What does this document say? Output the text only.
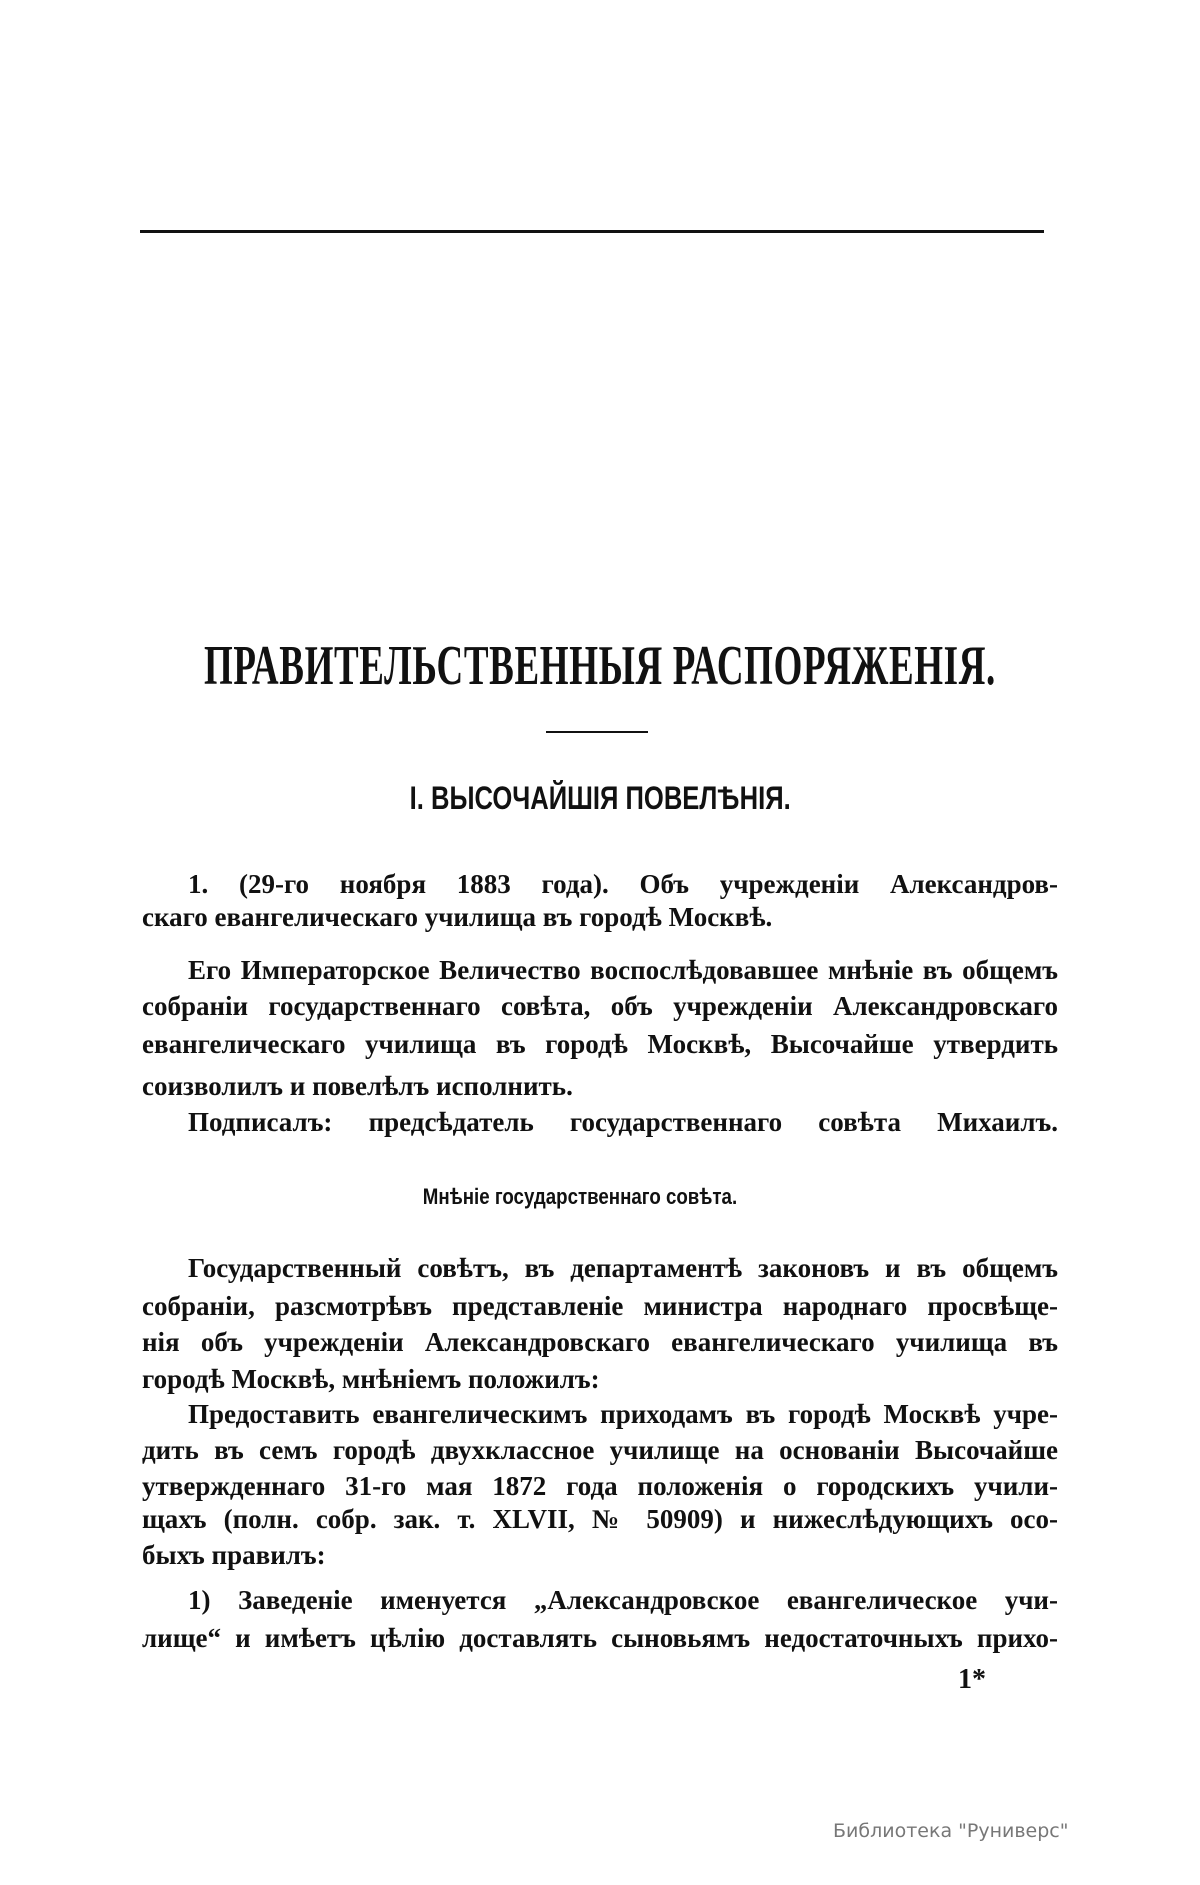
ПРАВИТЕЛЬСТВЕННЫЯ РАСПОРЯЖЕНІЯ.
I. ВЫСОЧАЙШІЯ ПОВЕЛѢНІЯ.
1. (29-го ноября 1883 года). Объ учрежденіи Александров-
скаго евангелическаго училища въ городѣ Москвѣ.
Его Императорское Величество воспослѣдовавшее мнѣніе въ общемъ
собраніи государственнаго совѣта, объ учрежденіи Александровскаго
евангелическаго училища въ городѣ Москвѣ, Высочайше утвердить
соизволилъ и повелѣлъ исполнить.
Подписалъ: предсѣдатель государственнаго совѣта Михаилъ.
Мнѣніе государственнаго совѣта.
Государственный совѣтъ, въ департаментѣ законовъ и въ общемъ
собраніи, разсмотрѣвъ представленіе министра народнаго просвѣще-
нія объ учрежденіи Александровскаго евангелическаго училища въ
городѣ Москвѣ, мнѣніемъ положилъ:
Предоставить евангелическимъ приходамъ въ городѣ Москвѣ учре-
дить въ семъ городѣ двухклассное училище на основаніи Высочайше
утвержденнаго 31-го мая 1872 года положенія о городскихъ учили-
щахъ (полн. собр. зак. т. XLVII, № 50909) и нижеслѣдующихъ осо-
быхъ правилъ:
1) Заведеніе именуется „Александровское евангелическое учи-
лище“ и имѣетъ цѣлію доставлять сыновьямъ недостаточныхъ прихо-
1*
Библиотека "Руниверс"
